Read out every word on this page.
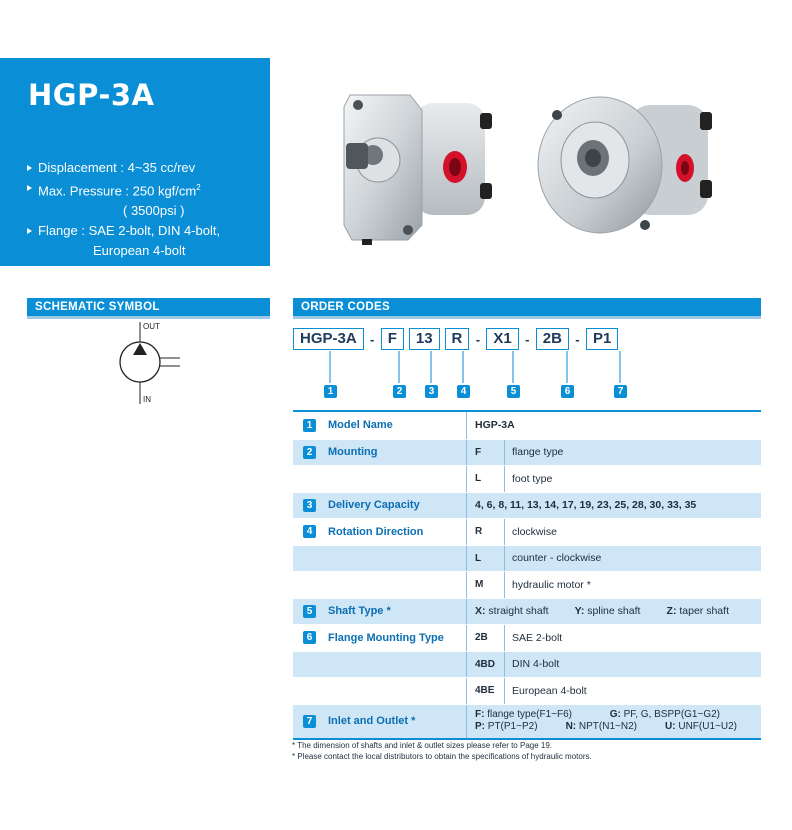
HGP-3A
Displacement : 4~35 cc/rev
Max. Pressure : 250 kgf/$cm^2$
( 3500psi )
Flange : SAE 2-bolt, DIN 4-bolt,
European 4-bolt
SCHEMATIC SYMBOL	ORDER CODES
OUT
IN
HGP-3A	- F	13	R	- X1	- 2B	- P1
1	2	3	4	5	6	7
1	Model Name	HGP-3A
2	Mounting	F	flange type
L	foot type
3	Delivery Capacity	4, 6, 8, 11, 13, 14, 17, 19, 23, 25, 28, 30, 33, 35
4	Rotation Direction	R	clockwise
L	counter - clockwise
M	hydraulic motor *
5	Shaft Type *	X: straight shaft Y: spline shaft Z: taper shaft
6	Flange Mounting Type	2B	SAE 2-bolt
4BD	DIN 4-bolt
4BE	European 4-bolt
7	Inlet and Outlet *
F: flange type(F1~F6)	G: PF, G, BSPP(G1~G2)
P: PT(P1~P2)	N: NPT(N1~N2)	U: UNF(U1~U2)
* The dimension of shafts and inlet & outlet sizes please refer to Page 19.
* Please contact the local distributors to obtain the specifications of hydraulic motors.
